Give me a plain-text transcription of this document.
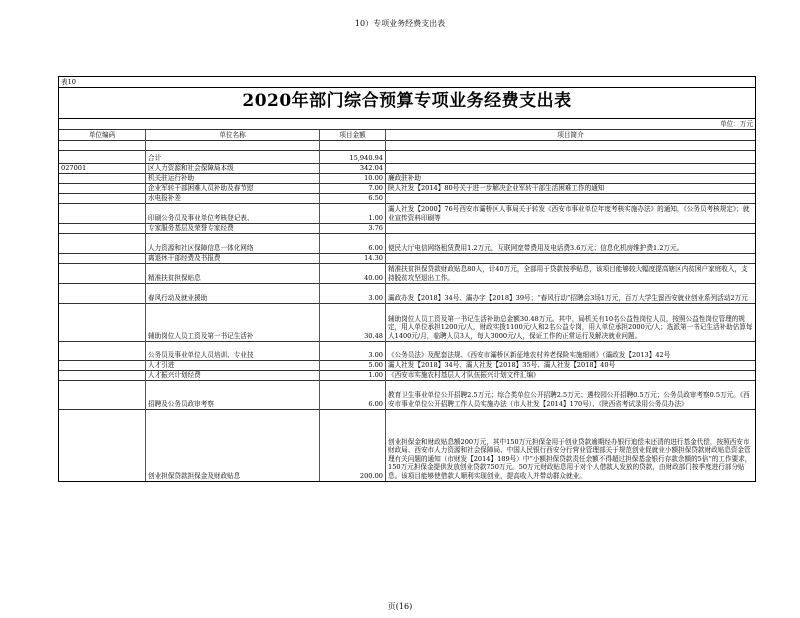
10）专项业务经费支出表
表10			
2020年部门综合预算专项业务经费支出表			
单位：万元			
单位编码	单位名称	项目金额	项目简介

	合计	15,940.94	
027001	区人力资源和社会保障局本级	342.04	
	机关驻运行补助	10.00	廉政驻补助
	企业军转干部困难人员补助及春节慰	7.00	陕人社发【2014】80号关于进一步解决企业军转干部生活困难工作的通知
	水电报补差	6.50	
	印刷公务员及事业单位考核登记表、	1.00	灞人社发【2000】76号西安市灞桥区人事局关于转发《西安市事业单位年度考核实施办法》的通知，《公务员考核规定》；就业宣传资料印刷等
	专家服务基层及荣誉专家经费	3.76	
	人力资源和社区保障信息一体化网络	6.00	便民大厅电信网络租赁费用1.2万元，互联网宽带费用及电话费3.6万元；信息化机房维护费1.2万元。
	离退休干部经费及书报费	14.30	
	精准扶贫担保贴息	40.00	精准扶贫担保贷款财政贴息80人，计40万元，全部用于贷款按季贴息，该项目能够较大幅度提高辖区内贫困户家庭收入，支持脱贫攻坚退出工作。
	春风行动及就业援助	3.00	灞政办发【2018】34号、灞办字【2018】39号；“春风行动”招聘会3场1万元，百万大学生留西安就业创业系列活动2万元
	辅助岗位人员工资及第一书记生活补	30.48	辅助岗位人员工资及第一书记生活补助总金额30.48万元。其中，局机关有10名公益性岗位人员，按照公益性岗位管理的规定，用人单位承担1200元/人，财政实拨1100元/人和2名公益专岗，用人单位承担2000元/人；选派第一书记生活补助估算每人1400元/月，临聘人员3人，每人3000元/人，保证工作的正常运行及解决就业问题。
	公务员及事业单位人员培训、专业技	3.00	《公务员法》及配套法规、《西安市灞桥区新征地农村养老保险实施细则》（灞政发【2013】42号
	人才引进	5.00	灞人社发【2018】34号、灞人社发【2018】35号、灞人社发【2018】40号
	人才振兴计划经费	1.00	《西安市实施农村基层人才队伍振兴计划文件汇编》
	招聘及公务员政审考察	6.00	教育卫生事业单位公开招聘2.5万元；综合类单位公开招聘2.5万元；遴校园公开招聘0.5万元；公务员政审考察0.5万元。《西安市事业单位公开招聘工作人员实施办法（市人社发【2014】170号）、《陕西省考试录用公务员办法》
	创业担保贷款担保金及财政贴息	200.00	创业担保金和财政贴息额200万元，其中150万元担保金用于创业贷款逾期经办银行追偿未还清的进行基金代偿，按照西安市财政局、西安市人力资源和社会保障局、中国人民银行西安分行营业管理部关于规范创业促就业小额担保贷款财政贴息资金管理有关问题的通知（市财发【2014】189号）中“小额担保贷款责任余额不得超过担保基金银行存款余额的5倍”的工作要求，150万元担保金提供发放创业贷款750万元。50万元财政贴息用于对个人借款人发放的贷款，由财政部门按季度进行部分贴息。该项目能够使借款人顺利实现创业，提高收入并带动群众就业。
页(16)
